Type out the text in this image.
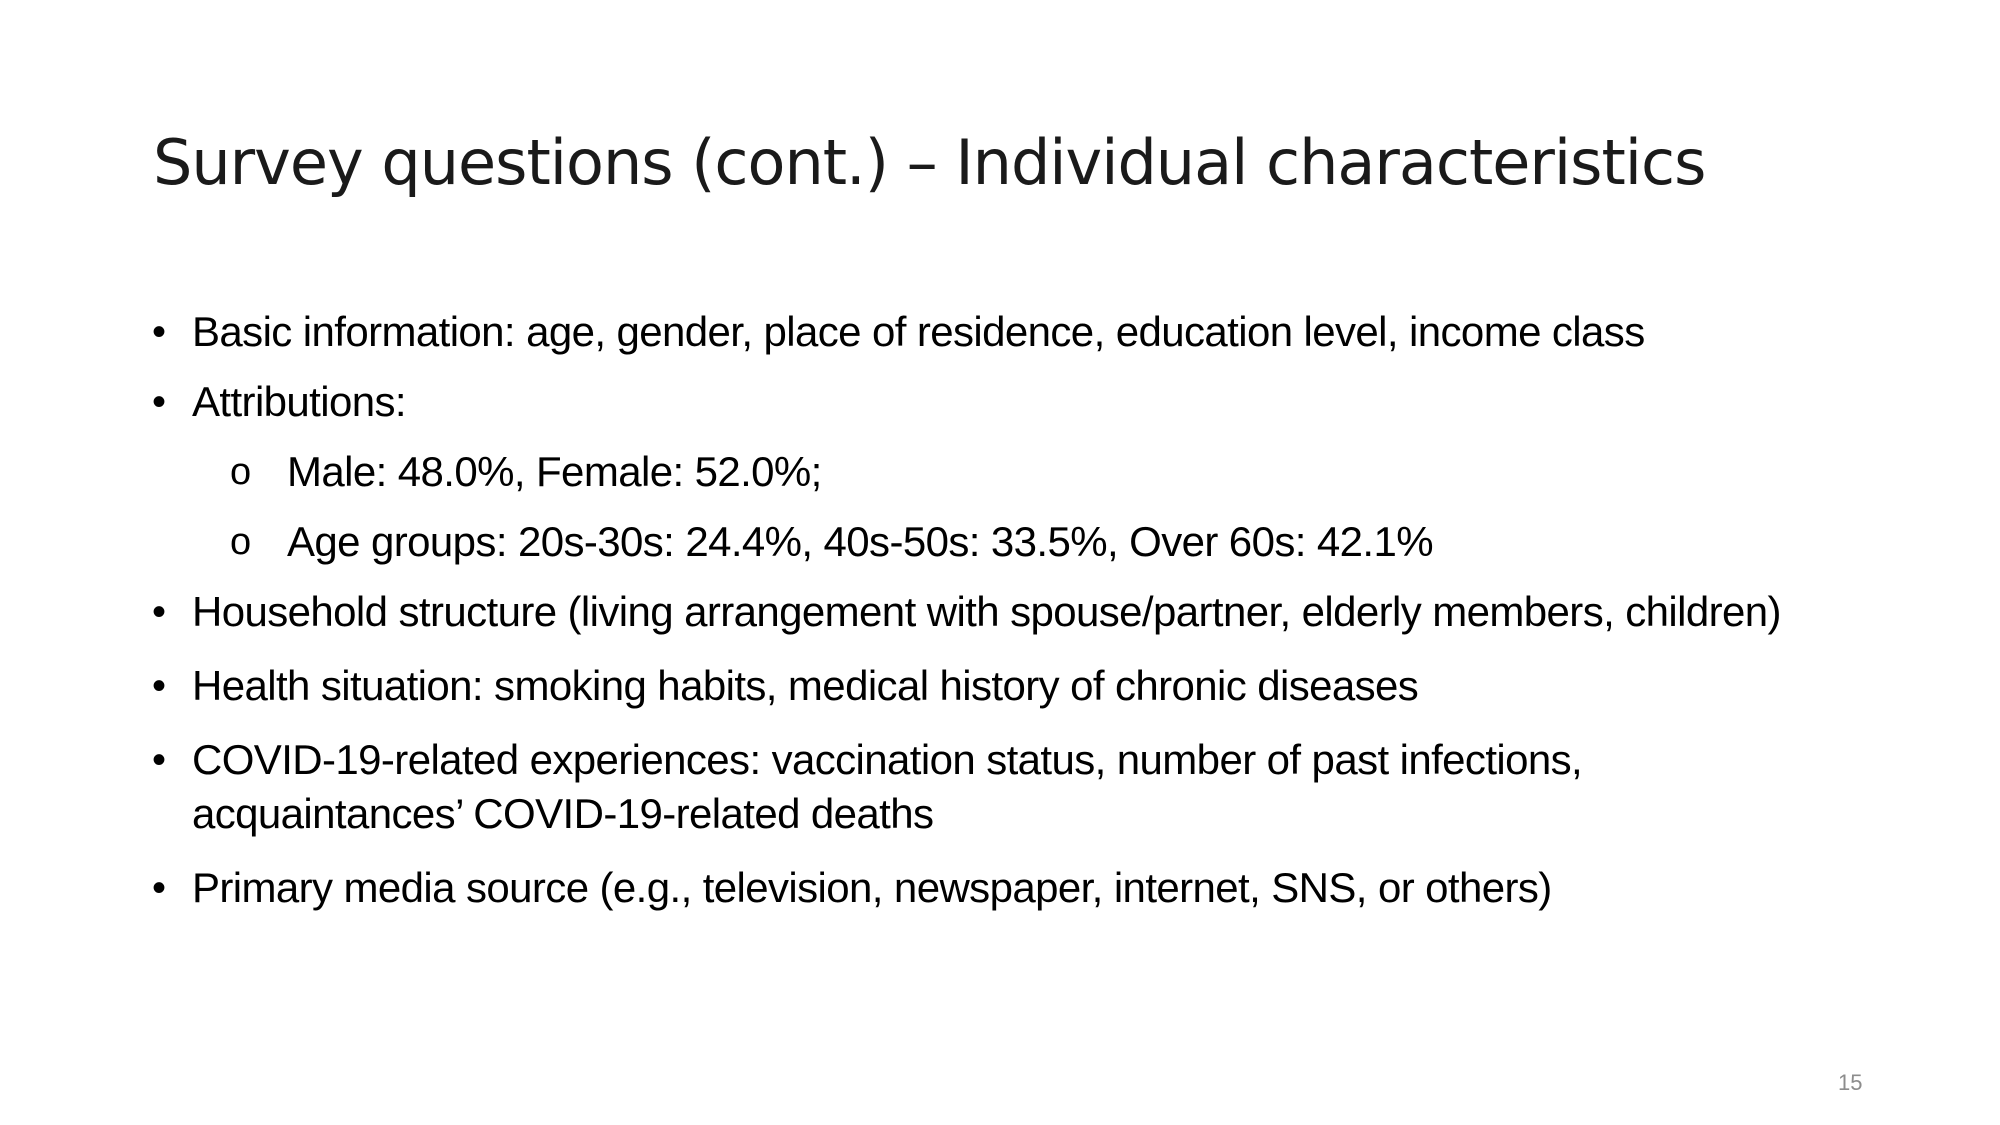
Survey questions (cont.) – Individual characteristics
• Basic information: age, gender, place of residence, education level, income class
• Attributions:
o Male: 48.0%, Female: 52.0%;
o Age groups: 20s-30s: 24.4%, 40s-50s: 33.5%, Over 60s: 42.1%
• Household structure (living arrangement with spouse/partner, elderly members, children)
• Health situation: smoking habits, medical history of chronic diseases
• COVID-19-related experiences: vaccination status, number of past infections, acquaintances’ COVID-19-related deaths
• Primary media source (e.g., television, newspaper, internet, SNS, or others)
15
